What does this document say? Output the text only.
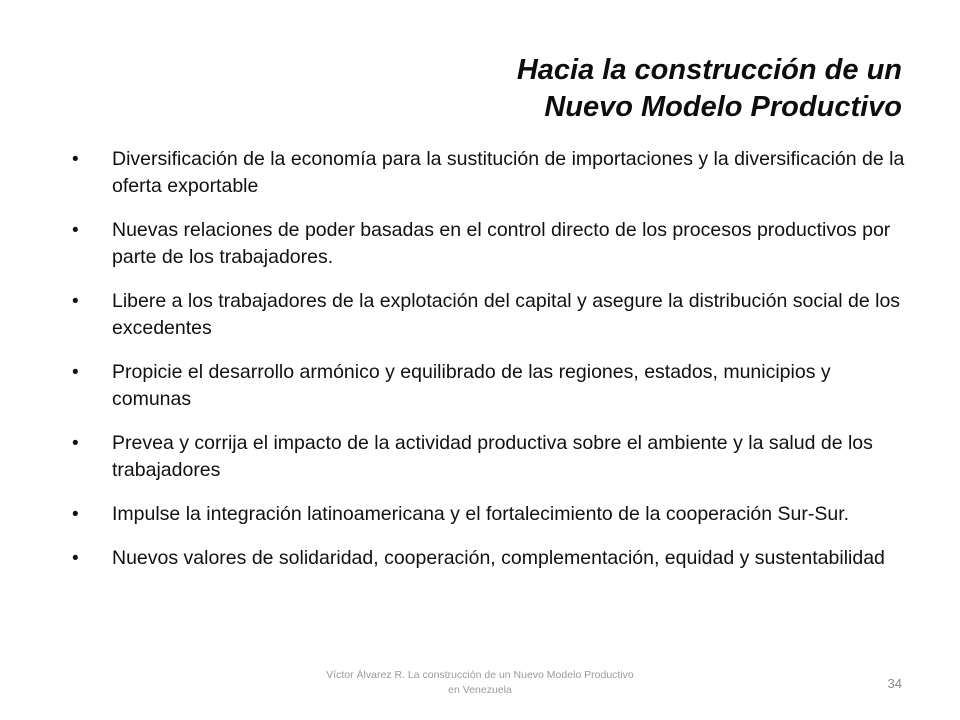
Hacia la construcción de un
Nuevo Modelo Productivo
•	Diversificación de la economía para la sustitución de importaciones y la diversificación de la oferta exportable
•	Nuevas relaciones de poder basadas en el control directo de los procesos productivos por parte de los trabajadores.
•	Libere a los trabajadores de la explotación del capital y asegure la distribución social de los excedentes
•	Propicie el desarrollo armónico y equilibrado de las regiones, estados, municipios y comunas
•	Prevea y corrija el impacto de la actividad productiva sobre el ambiente y la salud de los trabajadores
•	Impulse la integración latinoamericana y el fortalecimiento de la cooperación Sur-Sur.
•	Nuevos valores de solidaridad, cooperación, complementación, equidad y sustentabilidad
Víctor Álvarez R. La construcción de un Nuevo Modelo Productivo en Venezuela	34
